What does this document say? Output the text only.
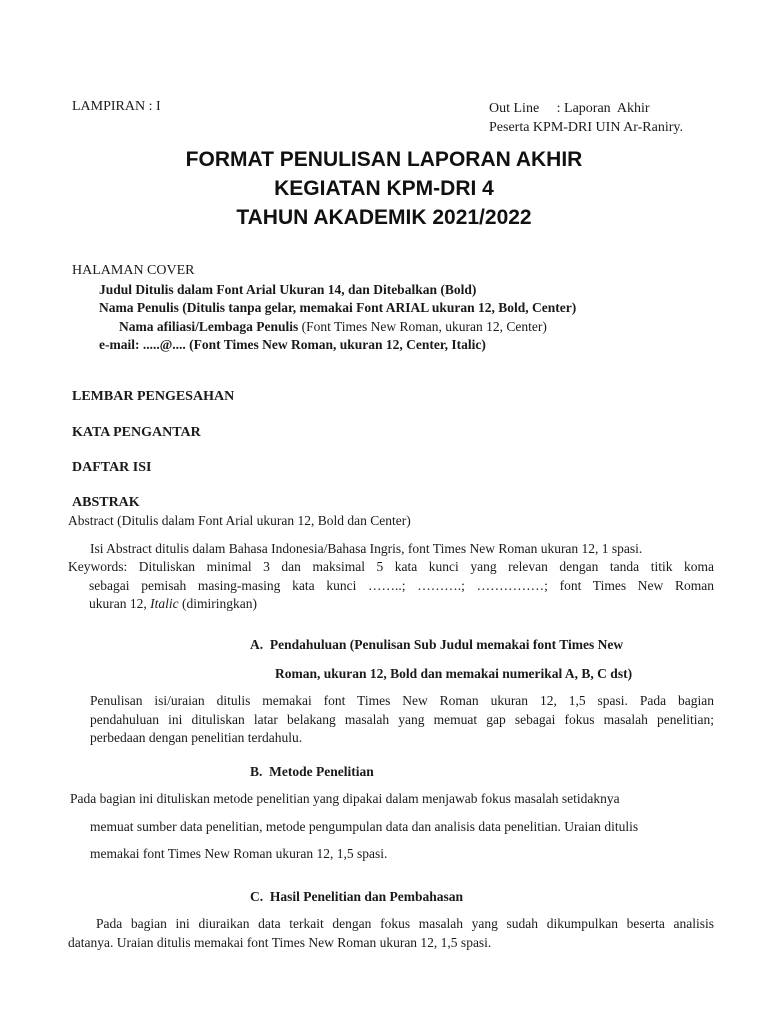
LAMPIRAN : I	Out Line     : Laporan  Akhir
Peserta KPM-DRI UIN Ar-Raniry.
FORMAT PENULISAN LAPORAN AKHIR
KEGIATAN KPM-DRI 4
TAHUN AKADEMIK 2021/2022
HALAMAN COVER
Judul Ditulis dalam Font Arial Ukuran 14, dan Ditebalkan (Bold)
Nama Penulis (Ditulis tanpa gelar, memakai Font ARIAL ukuran 12, Bold, Center)
Nama afiliasi/Lembaga Penulis (Font Times New Roman, ukuran 12, Center)
e-mail: .....@.... (Font Times New Roman, ukuran 12, Center, Italic)
LEMBAR PENGESAHAN
KATA PENGANTAR
DAFTAR ISI
ABSTRAK
Abstract (Ditulis dalam Font Arial ukuran 12, Bold dan Center)
Isi Abstract ditulis dalam Bahasa Indonesia/Bahasa Ingris, font Times New Roman ukuran 12, 1 spasi.
Keywords: Dituliskan minimal 3 dan maksimal 5 kata kunci yang relevan dengan tanda titik koma
sebagai pemisah masing-masing kata kunci ……..; ……….; ……………; font Times New Roman
ukuran 12, Italic (dimiringkan)
A.  Pendahuluan (Penulisan Sub Judul memakai font Times New
Roman, ukuran 12, Bold dan memakai numerikal A, B, C dst)
Penulisan isi/uraian ditulis memakai font Times New Roman ukuran 12, 1,5 spasi. Pada bagian
pendahuluan ini dituliskan latar belakang masalah yang memuat gap sebagai fokus masalah penelitian;
perbedaan dengan penelitian terdahulu.
B.  Metode Penelitian
Pada bagian ini dituliskan metode penelitian yang dipakai dalam menjawab fokus masalah setidaknya
memuat sumber data penelitian, metode pengumpulan data dan analisis data penelitian. Uraian ditulis
memakai font Times New Roman ukuran 12, 1,5 spasi.
C.  Hasil Penelitian dan Pembahasan
Pada bagian ini diuraikan data terkait dengan fokus masalah yang sudah dikumpulkan beserta analisis
datanya. Uraian ditulis memakai font Times New Roman ukuran 12, 1,5 spasi.
